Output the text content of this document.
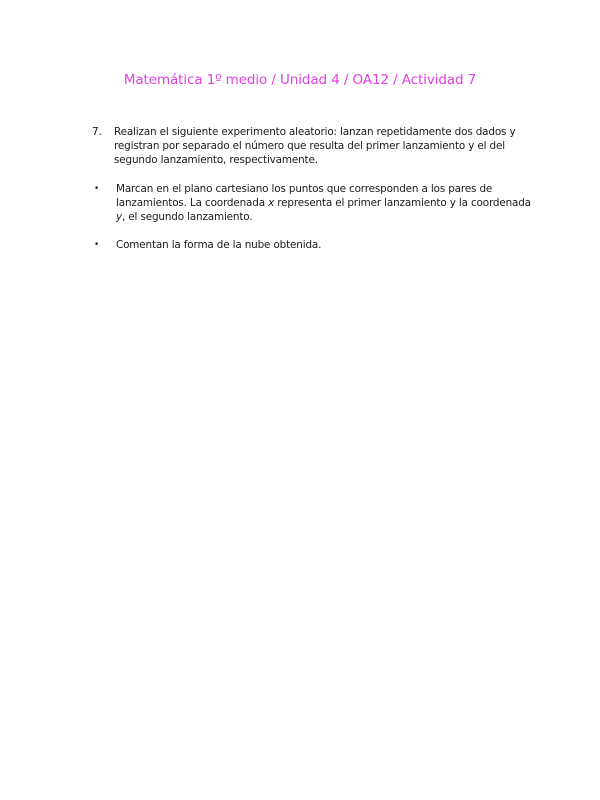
Matemática 1º medio / Unidad 4 / OA12 / Actividad 7
7.	Realizan el siguiente experimento aleatorio: lanzan repetidamente dos dados y registran por separado el número que resulta del primer lanzamiento y el del segundo lanzamiento, respectivamente.
•	Marcan en el plano cartesiano los puntos que corresponden a los pares de lanzamientos. La coordenada x representa el primer lanzamiento y la coordenada y, el segundo lanzamiento.
•	Comentan la forma de la nube obtenida.
